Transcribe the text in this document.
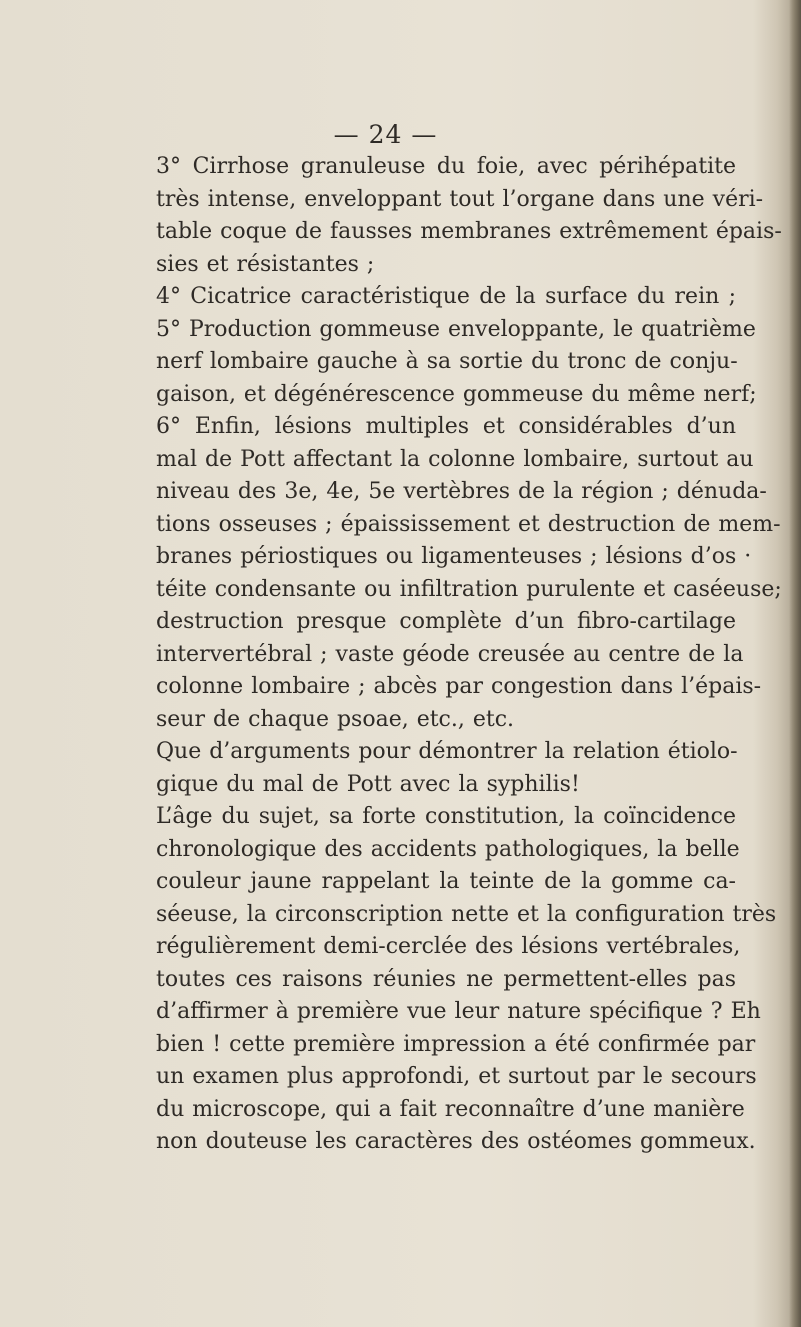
— 24 —
3° Cirrhose granuleuse du foie, avec périhépatite
très intense, enveloppant tout l’organe dans une véri-
table coque de fausses membranes extrêmement épais-
sies et résistantes ;
4° Cicatrice caractéristique de la surface du rein ;
5° Production gommeuse enveloppante, le quatrième
nerf lombaire gauche à sa sortie du tronc de conju-
gaison, et dégénérescence gommeuse du même nerf;
6° Enfin, lésions multiples et considérables d’un
mal de Pott affectant la colonne lombaire, surtout au
niveau des 3e, 4e, 5e vertèbres de la région ; dénuda-
tions osseuses ; épaississement et destruction de mem-
branes périostiques ou ligamenteuses ; lésions d’os ·
téite condensante ou infiltration purulente et caséeuse;
destruction presque complète d’un fibro-cartilage
intervertébral ; vaste géode creusée au centre de la
colonne lombaire ; abcès par congestion dans l’épais-
seur de chaque psoae, etc., etc.
Que d’arguments pour démontrer la relation étiolo-
gique du mal de Pott avec la syphilis!
L’âge du sujet, sa forte constitution, la coïncidence
chronologique des accidents pathologiques, la belle
couleur jaune rappelant la teinte de la gomme ca-
séeuse, la circonscription nette et la configuration très
régulièrement demi-cerclée des lésions vertébrales,
toutes ces raisons réunies ne permettent-elles pas
d’affirmer à première vue leur nature spécifique ? Eh
bien ! cette première impression a été confirmée par
un examen plus approfondi, et surtout par le secours
du microscope, qui a fait reconnaître d’une manière
non douteuse les caractères des ostéomes gommeux.
